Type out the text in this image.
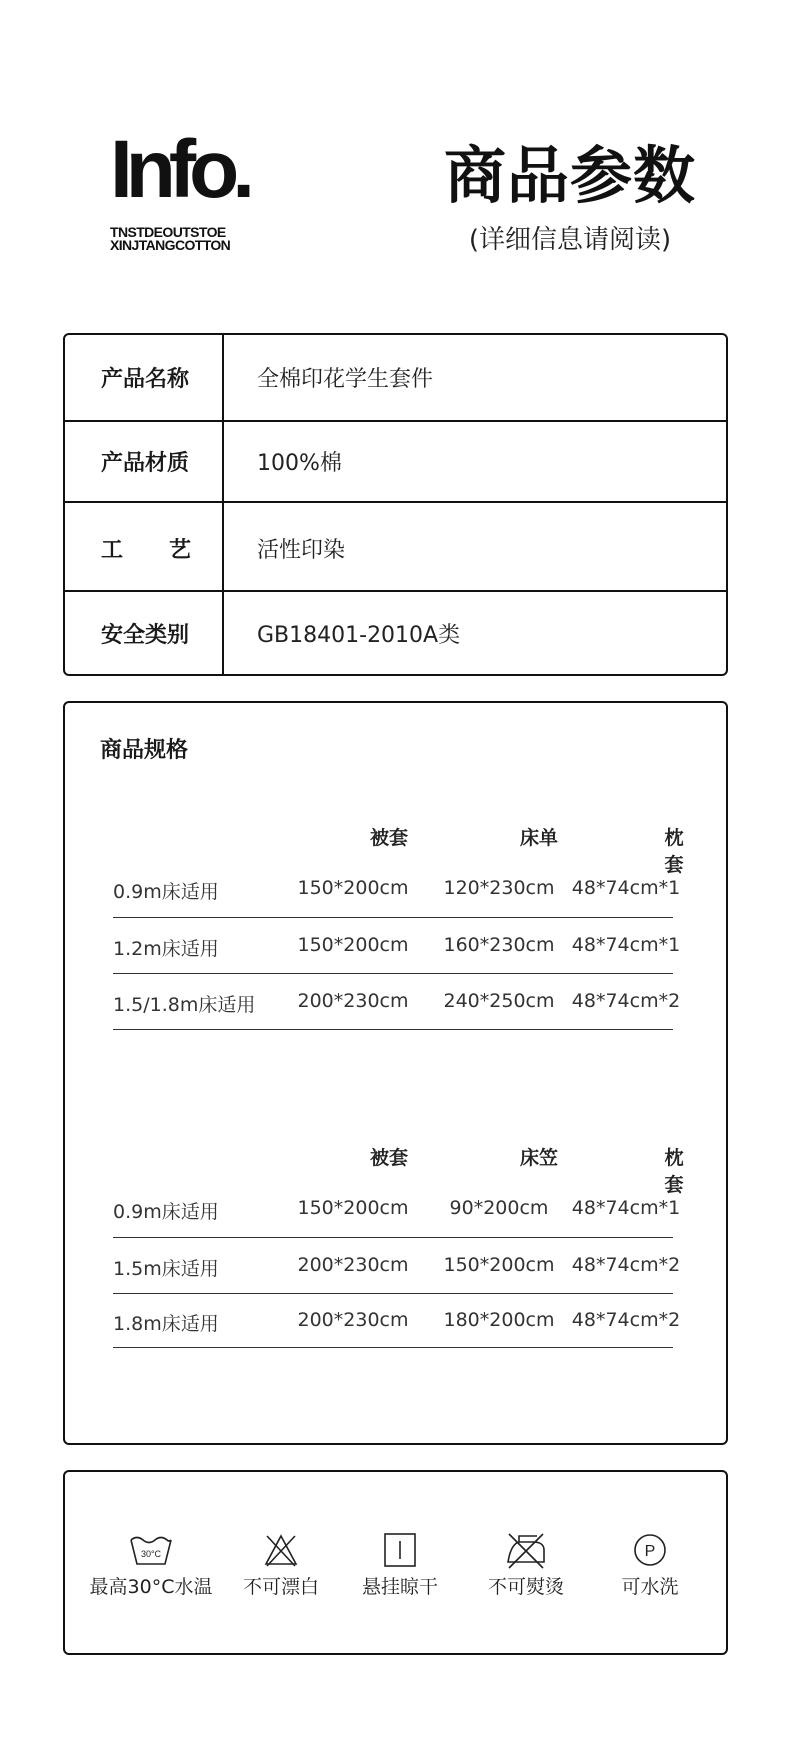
Info.
TNSTDEOUTSTOE
XINJTANGCOTTON
商品参数
(详细信息请阅读)
产品名称	全棉印花学生套件
产品材质	100%棉
工      艺	活性印染
安全类别	GB18401-2010A类
商品规格
被套	床单	枕套
0.9m床适用	150*200cm 120*230cm 48*74cm*1
1.2m床适用	150*200cm 160*230cm 48*74cm*1
1.5/1.8m床适用 200*230cm 240*250cm 48*74cm*2
被套	床笠	枕套
0.9m床适用	150*200cm 90*200cm 48*74cm*1
1.5m床适用	200*230cm 150*200cm 48*74cm*2
1.8m床适用	200*230cm 180*200cm 48*74cm*2
30°C
最高30°C水温	不可漂白	悬挂晾干	不可熨烫
P
可水洗
